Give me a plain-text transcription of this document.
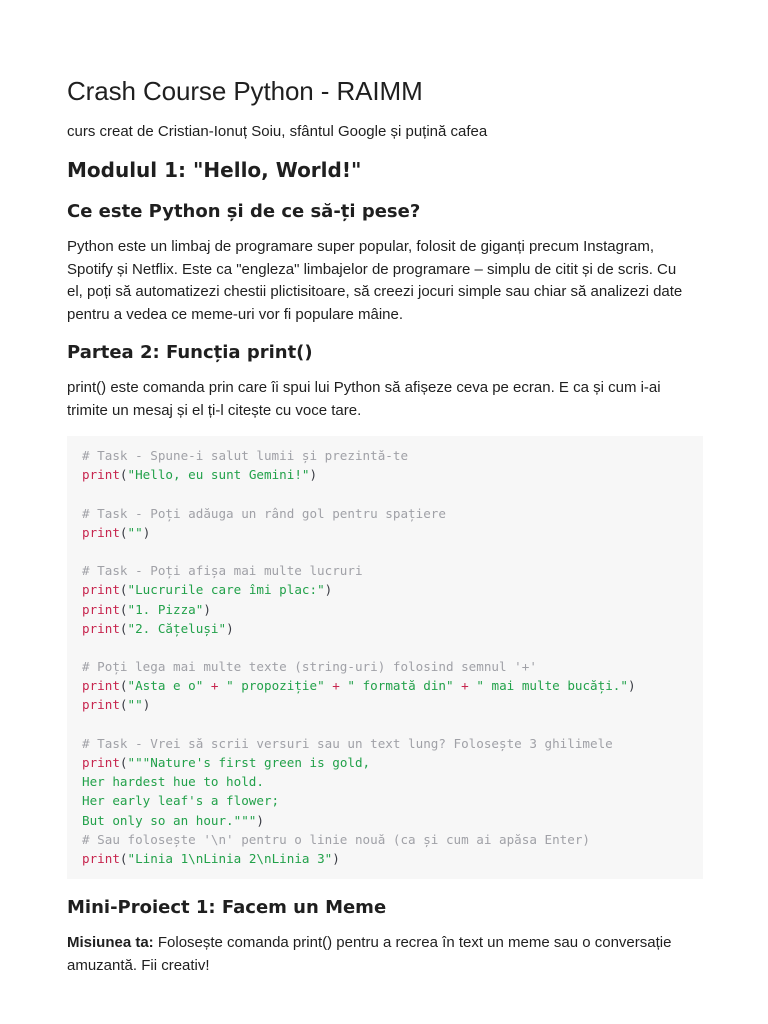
Crash Course Python - RAIMM

curs creat de Cristian-Ionuț Soiu, sfântul Google și puțină cafea

Modulul 1: "Hello, World!"
Ce este Python și de ce să-ți pese?
Python este un limbaj de programare super popular, folosit de giganți precum Instagram,
Spotify și Netflix. Este ca "engleza" limbajelor de programare – simplu de citit și de scris. Cu
el, poți să automatizezi chestii plictisitoare, să creezi jocuri simple sau chiar să analizezi date
pentru a vedea ce meme-uri vor fi populare mâine.
Partea 2: Funcția print()
print() este comanda prin care îi spui lui Python să afișeze ceva pe ecran. E ca și cum i-ai
trimite un mesaj și el ți-l citește cu voce tare.
# Task - Spune-i salut lumii și prezintă-te
print("Hello, eu sunt Gemini!")

# Task - Poți adăuga un rând gol pentru spațiere
print("")

# Task - Poți afișa mai multe lucruri
print("Lucrurile care îmi plac:")
print("1. Pizza")
print("2. Cățeluși")

# Poți lega mai multe texte (string-uri) folosind semnul '+'
print("Asta e o" + " propoziție" + " formată din" + " mai multe bucăți.")
print("")

# Task - Vrei să scrii versuri sau un text lung? Folosește 3 ghilimele
print("""Nature's first green is gold,
Her hardest hue to hold.
Her early leaf's a flower;
But only so an hour.""")
# Sau folosește '\n' pentru o linie nouă (ca și cum ai apăsa Enter)
print("Linia 1\nLinia 2\nLinia 3")
Mini-Proiect 1: Facem un Meme
Misiunea ta: Folosește comanda print() pentru a recrea în text un meme sau o conversație
amuzantă. Fii creativ!
